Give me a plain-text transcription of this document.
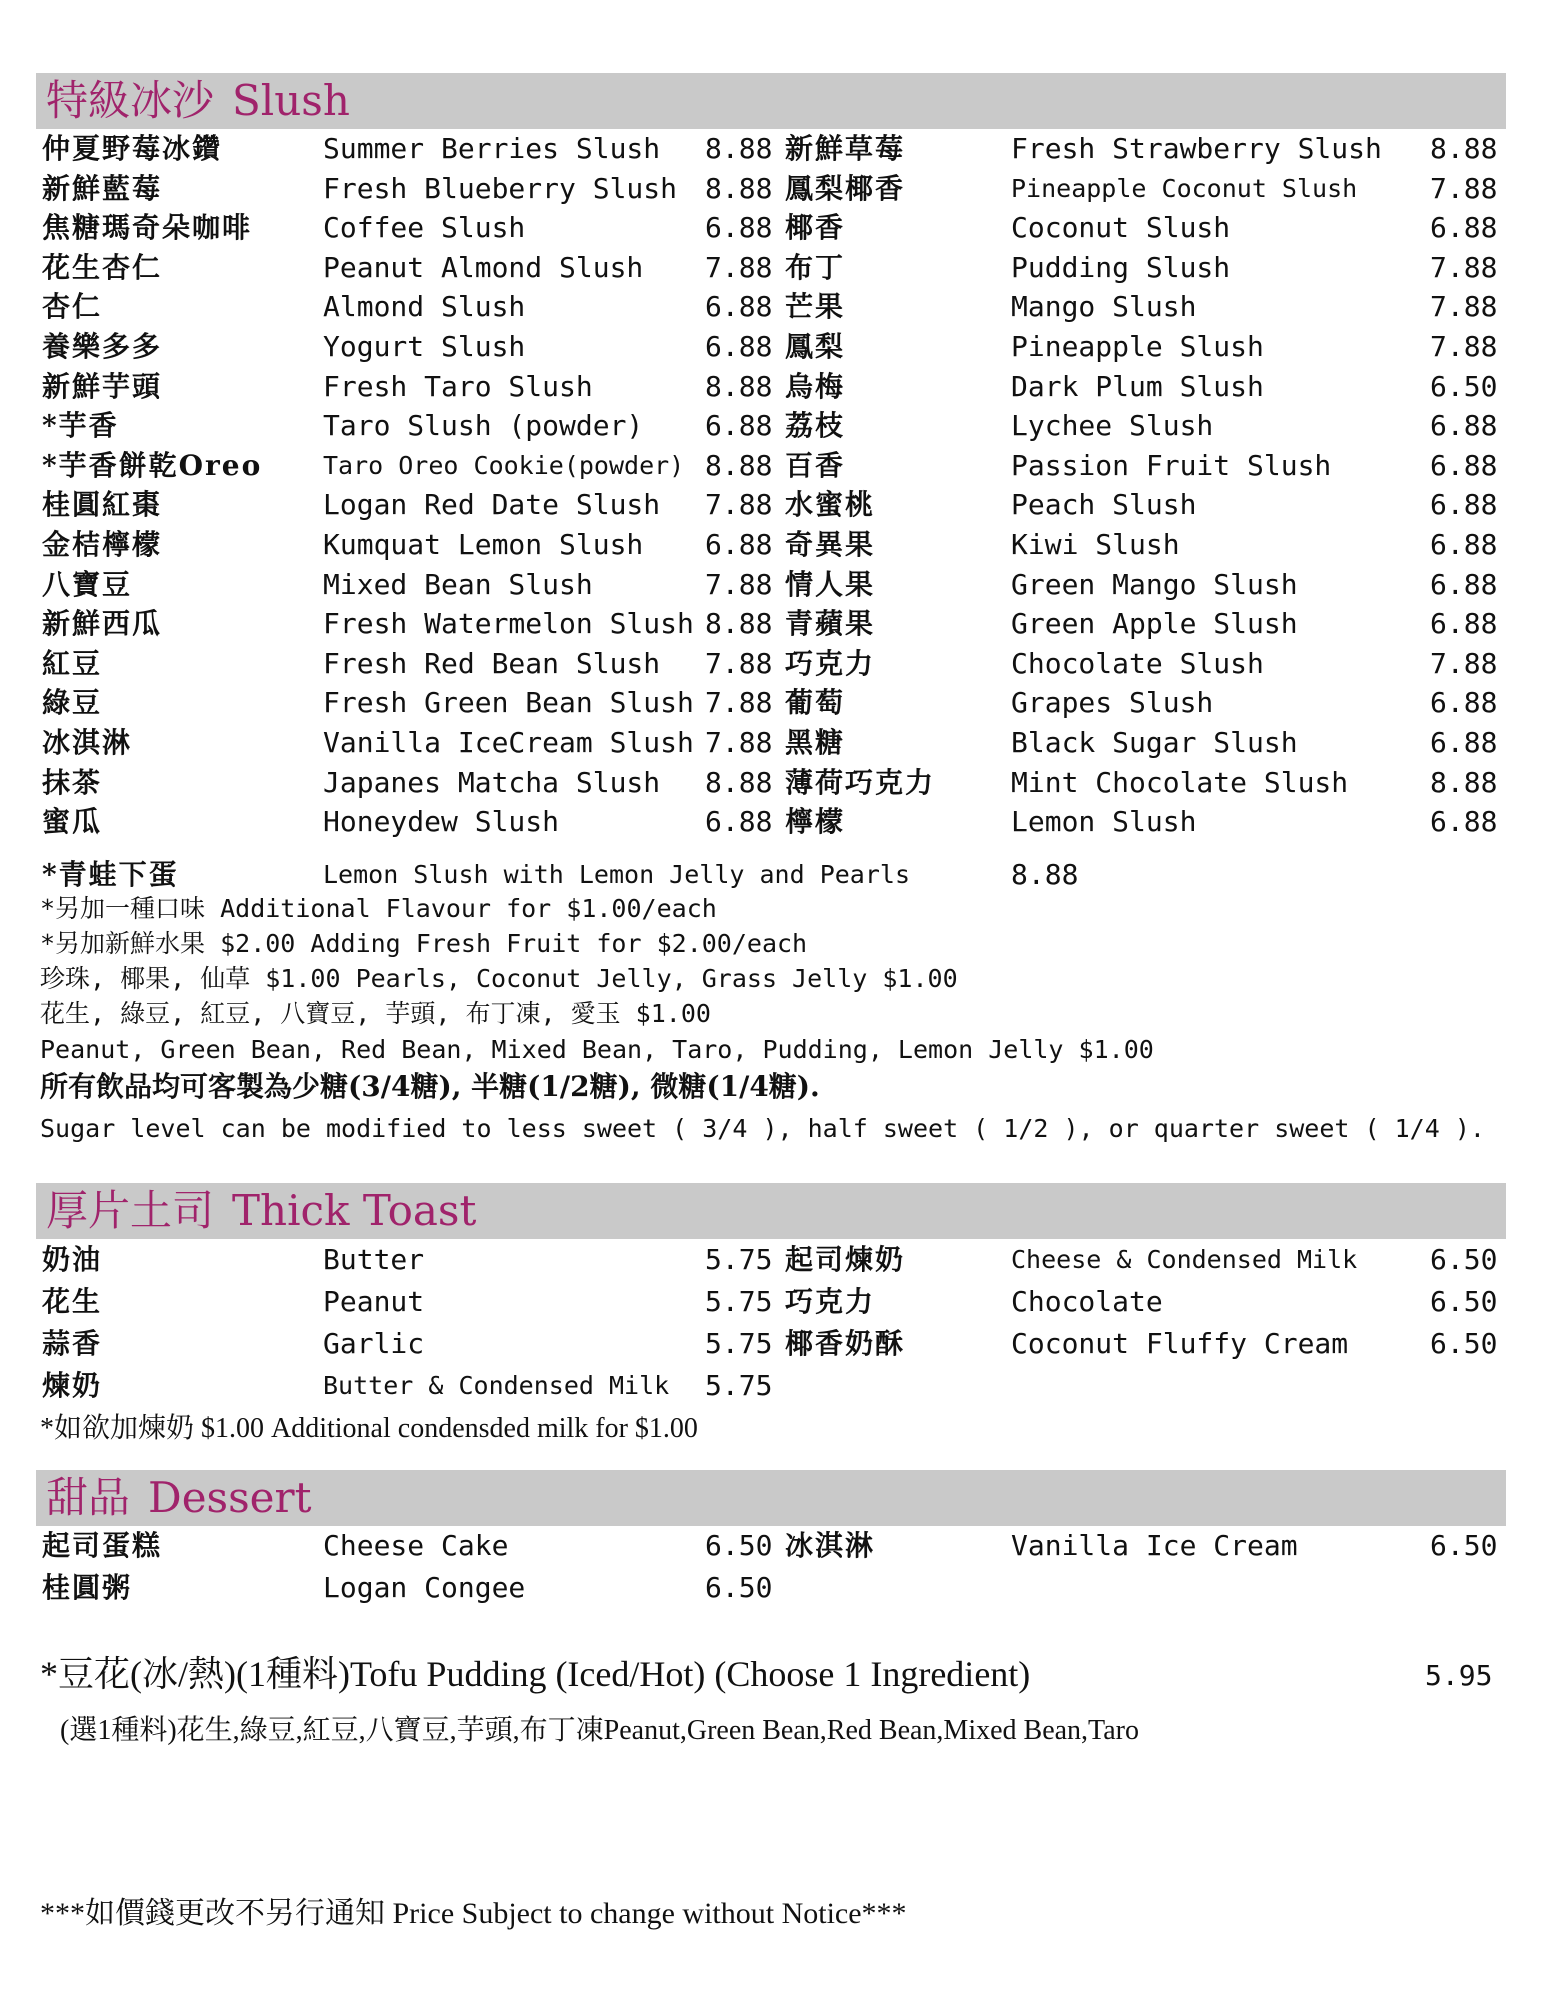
特級冰沙 Slush
仲夏野莓冰鑽	Summer Berries Slush 8.88 新鮮草莓	Fresh Strawberry Slush 8.88
新鮮藍莓	Fresh Blueberry Slush 8.88 鳳梨椰香	Pineapple Coconut Slush	7.88
焦糖瑪奇朵咖啡	Coffee Slush	6.88 椰香	Coconut Slush	6.88
花生杏仁	Peanut Almond Slush 7.88 布丁	Pudding Slush	7.88
杏仁	Almond Slush	6.88 芒果	Mango Slush	7.88
養樂多多	Yogurt Slush	6.88 鳳梨	Pineapple Slush	7.88
新鮮芋頭	Fresh Taro Slush	8.88 烏梅	Dark Plum Slush	6.50
*芋香	Taro Slush (powder) 6.88 荔枝	Lychee Slush	6.88
*芋香餅乾Oreo Taro Oreo Cookie(powder) 8.88 百香	Passion Fruit Slush	6.88
桂圓紅棗	Logan Red Date Slush 7.88 水蜜桃	Peach Slush	6.88
金桔檸檬	Kumquat Lemon Slush 6.88 奇異果	Kiwi Slush	6.88
八寶豆	Mixed Bean Slush	7.88 情人果	Green Mango Slush	6.88
新鮮西瓜	Fresh Watermelon Slush 8.88 青蘋果	Green Apple Slush	6.88
紅豆	Fresh Red Bean Slush 7.88 巧克力	Chocolate Slush	7.88
綠豆	Fresh Green Bean Slush 7.88 葡萄	Grapes Slush	6.88
冰淇淋	Vanilla IceCream Slush 7.88 黑糖	Black Sugar Slush	6.88
抹茶	Japanes Matcha Slush 8.88 薄荷巧克力	Mint Chocolate Slush	8.88
蜜瓜	Honeydew Slush	6.88 檸檬	Lemon Slush	6.88
*青蛙下蛋	Lemon Slush with Lemon Jelly and Pearls	8.88
*另加一種口味 Additional Flavour for $1.00/each
*另加新鮮水果 $2.00 Adding Fresh Fruit for $2.00/each
珍珠, 椰果, 仙草 $1.00 Pearls, Coconut Jelly, Grass Jelly $1.00
花生, 綠豆, 紅豆, 八寶豆, 芋頭, 布丁凍, 愛玉 $1.00
Peanut, Green Bean, Red Bean, Mixed Bean, Taro, Pudding, Lemon Jelly $1.00
所有飲品均可客製為少糖(3/4糖), 半糖(1/2糖), 微糖(1/4糖).
Sugar level can be modified to less sweet ( 3/4 ), half sweet ( 1/2 ), or quarter sweet ( 1/4 ).
厚片土司 Thick Toast
奶油	Butter	5.75 起司煉奶	Cheese & Condensed Milk	6.50
花生	Peanut	5.75 巧克力	Chocolate	6.50
蒜香	Garlic	5.75 椰香奶酥	Coconut Fluffy Cream	6.50
煉奶	Butter & Condensed Milk 5.75
*如欲加煉奶 $1.00 Additional condensded milk for $1.00
甜品 Dessert
起司蛋糕	Cheese Cake	6.50 冰淇淋	Vanilla Ice Cream	6.50
桂圓粥	Logan Congee	6.50
*豆花(冰/熱)(1種料)Tofu Pudding (Iced/Hot) (Choose 1 Ingredient)	5.95
(選1種料)花生,綠豆,紅豆,八寶豆,芋頭,布丁凍Peanut,Green Bean,Red Bean,Mixed Bean,Taro
***如價錢更改不另行通知 Price Subject to change without Notice***
